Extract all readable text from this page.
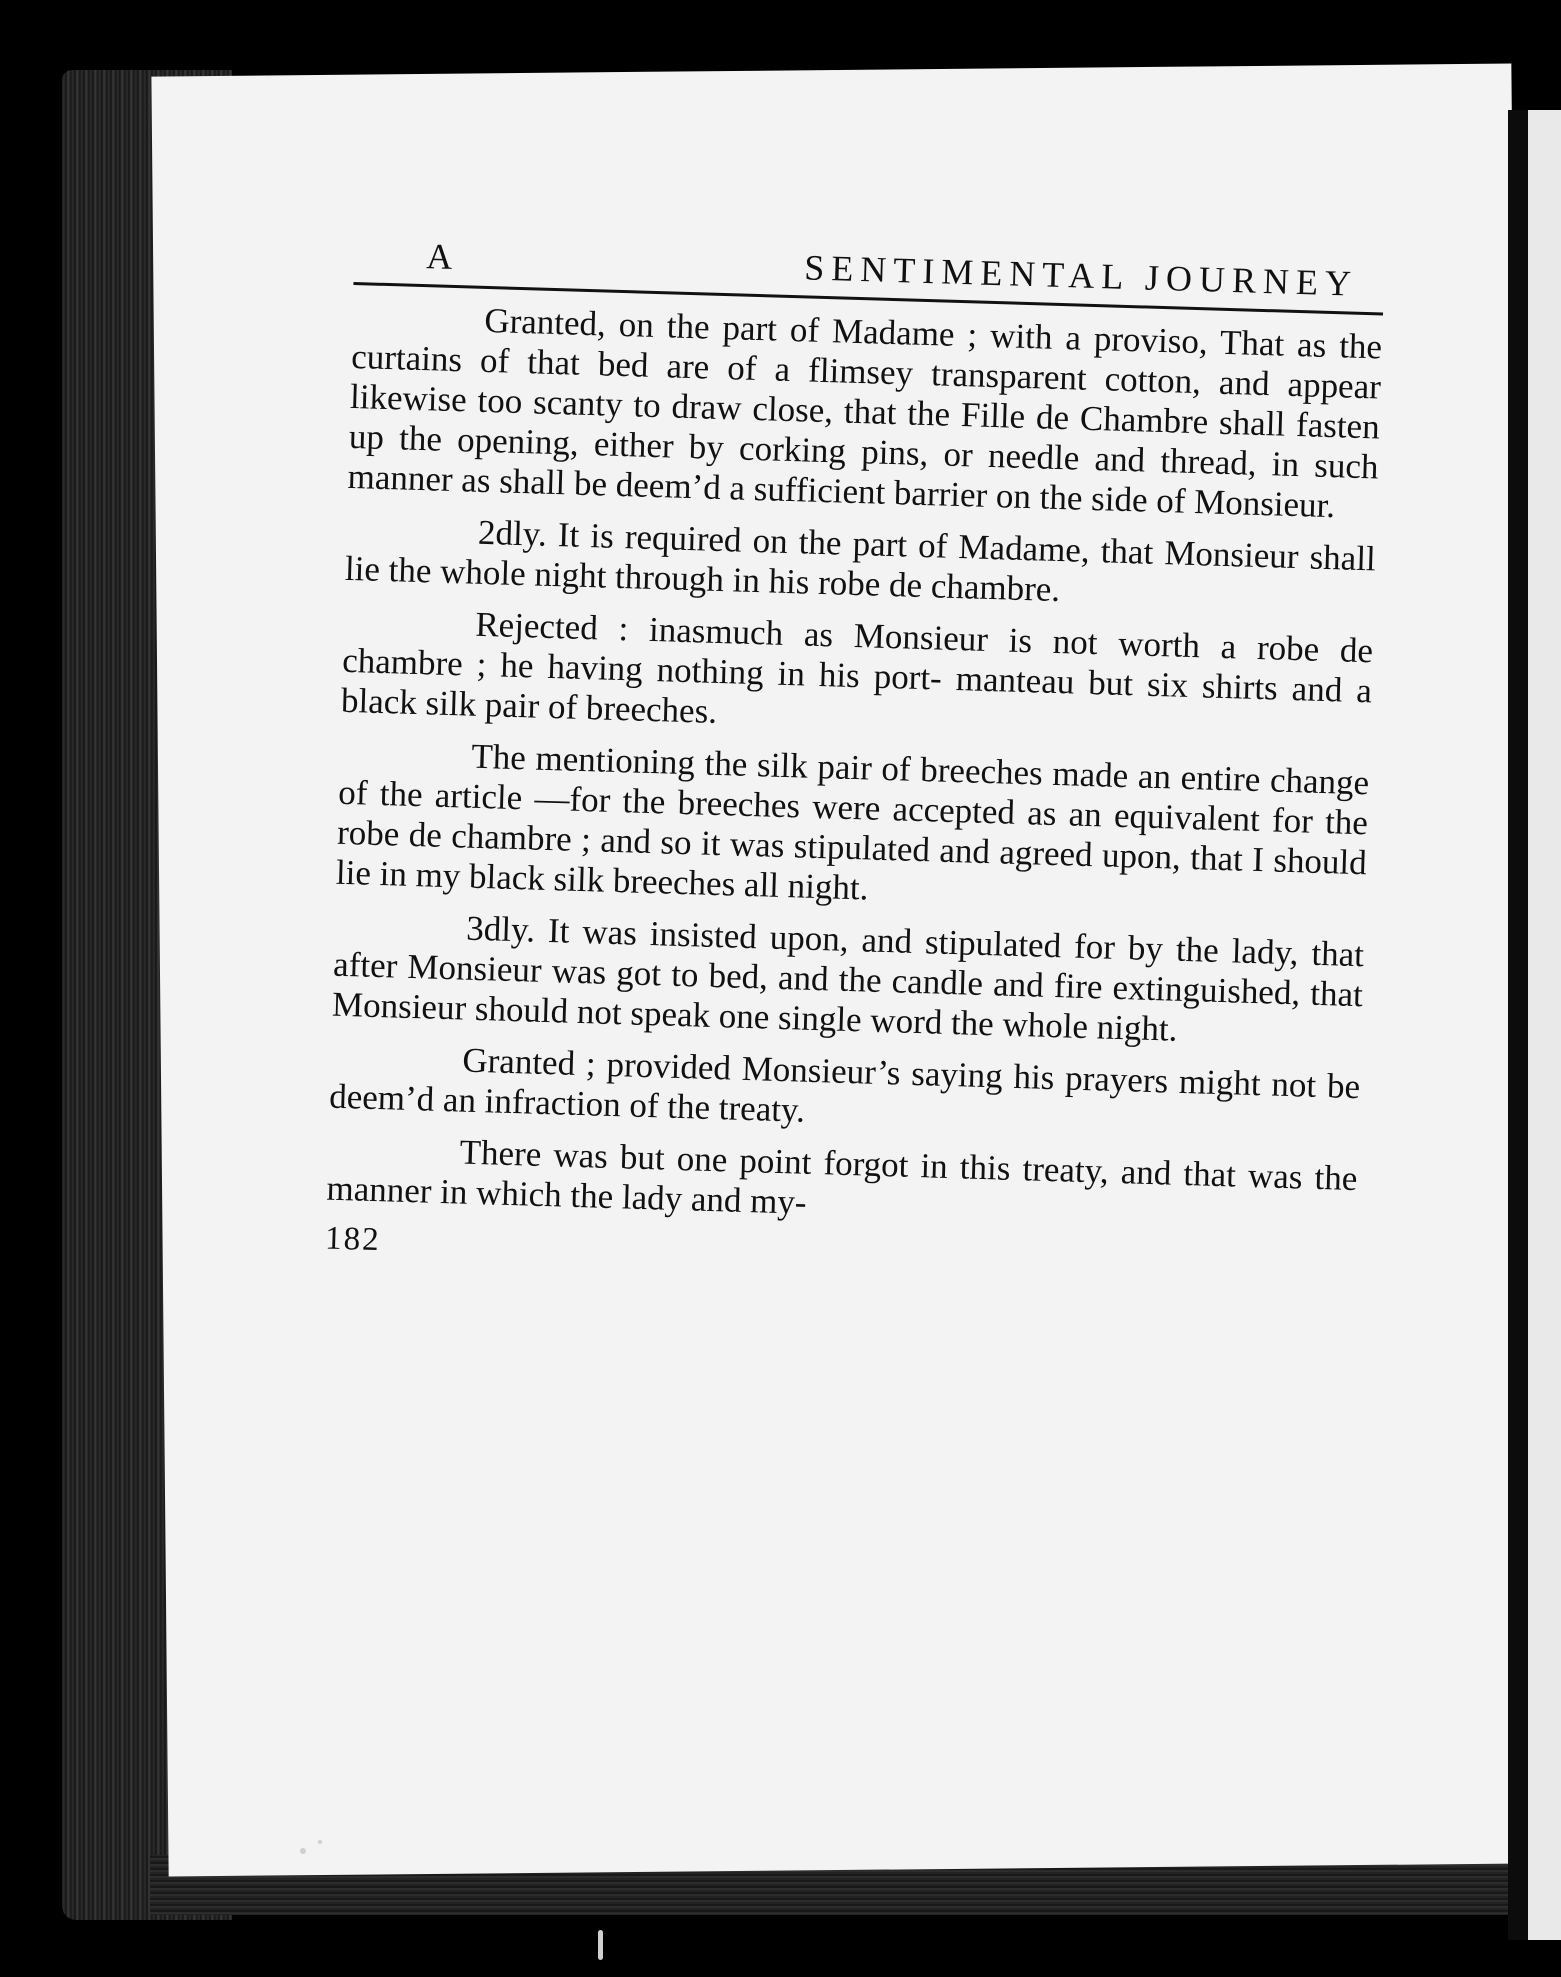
A	SENTIMENTAL JOURNEY

Granted, on the part of Madame ; with a proviso, That as the curtains of that bed are of a flimsey transparent cotton, and appear likewise too scanty to draw close, that the Fille de Chambre shall fasten up the opening, either by corking pins, or needle and thread, in such manner as shall be deem’d a sufficient barrier on the side of Monsieur.

2dly. It is required on the part of Madame, that Monsieur shall lie the whole night through in his robe de chambre.

Rejected : inasmuch as Monsieur is not worth a robe de chambre ; he having nothing in his port- manteau but six shirts and a black silk pair of breeches.

The mentioning the silk pair of breeches made an entire change of the article —for the breeches were accepted as an equivalent for the robe de chambre ; and so it was stipulated and agreed upon, that I should lie in my black silk breeches all night.

3dly. It was insisted upon, and stipulated for by the lady, that after Monsieur was got to bed, and the candle and fire extinguished, that Monsieur should not speak one single word the whole night.

Granted ; provided Monsieur’s saying his prayers might not be deem’d an infraction of the treaty.

There was but one point forgot in this treaty, and that was the manner in which the lady and my-

182
